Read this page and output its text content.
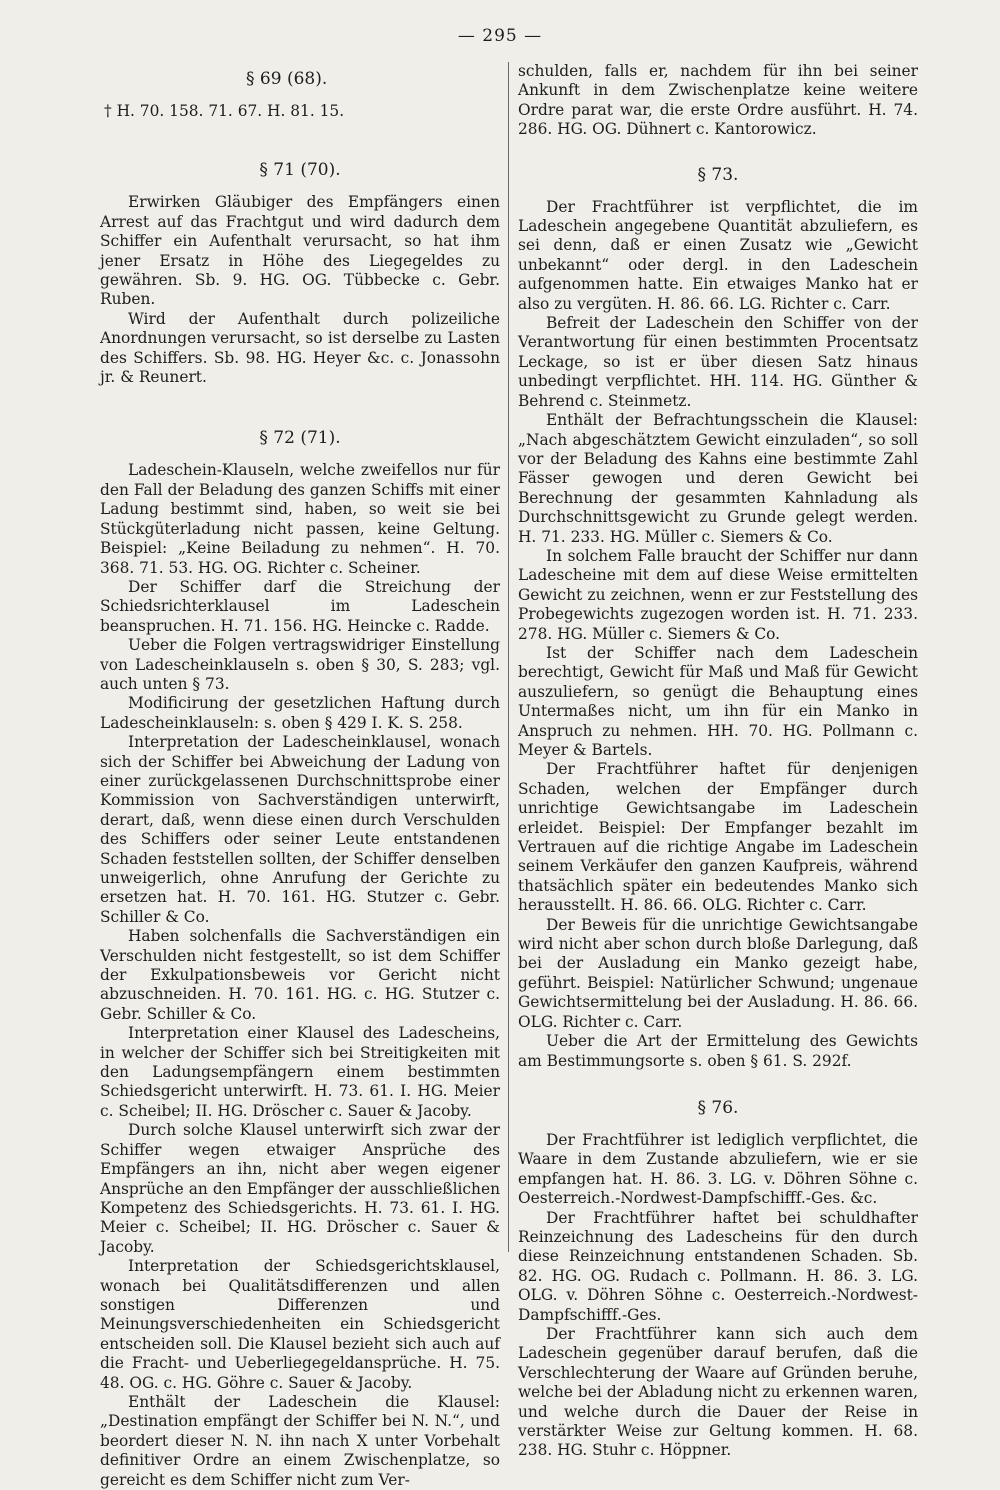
— 295 —
§ 69 (68).

† H. 70. 158. 71. 67. H. 81. 15.

§ 71 (70).

Erwirken Gläubiger des Empfängers einen Arrest auf das Frachtgut und wird dadurch dem Schiffer ein Aufenthalt verursacht, so hat ihm jener Ersatz in Höhe des Liegegeldes zu gewähren. Sb. 9. HG. OG. Tübbecke c. Gebr. Ruben.

Wird der Aufenthalt durch polizeiliche Anordnungen verursacht, so ist derselbe zu Lasten des Schiffers. Sb. 98. HG. Heyer &c. c. Jonassohn jr. & Reunert.

§ 72 (71).

Ladeschein-Klauseln, welche zweifellos nur für den Fall der Beladung des ganzen Schiffs mit einer Ladung bestimmt sind, haben, so weit sie bei Stückgüterladung nicht passen, keine Geltung. Beispiel: „Keine Beiladung zu nehmen“. H. 70. 368. 71. 53. HG. OG. Richter c. Scheiner.

Der Schiffer darf die Streichung der Schiedsrichterklausel im Ladeschein beanspruchen. H. 71. 156. HG. Heincke c. Radde.

Ueber die Folgen vertragswidriger Einstellung von Ladescheinklauseln s. oben § 30, S. 283; vgl. auch unten § 73.

Modificirung der gesetzlichen Haftung durch Ladescheinklauseln: s. oben § 429 I. K. S. 258.

Interpretation der Ladescheinklausel, wonach sich der Schiffer bei Abweichung der Ladung von einer zurückgelassenen Durchschnittsprobe einer Kommission von Sachverständigen unterwirft, derart, daß, wenn diese einen durch Verschulden des Schiffers oder seiner Leute entstandenen Schaden feststellen sollten, der Schiffer denselben unweigerlich, ohne Anrufung der Gerichte zu ersetzen hat. H. 70. 161. HG. Stutzer c. Gebr. Schiller & Co.

Haben solchenfalls die Sachverständigen ein Verschulden nicht festgestellt, so ist dem Schiffer der Exkulpationsbeweis vor Gericht nicht abzuschneiden. H. 70. 161. HG. c. HG. Stutzer c. Gebr. Schiller & Co.

Interpretation einer Klausel des Ladescheins, in welcher der Schiffer sich bei Streitigkeiten mit den Ladungsempfängern einem bestimmten Schiedsgericht unterwirft. H. 73. 61. I. HG. Meier c. Scheibel; II. HG. Dröscher c. Sauer & Jacoby.

Durch solche Klausel unterwirft sich zwar der Schiffer wegen etwaiger Ansprüche des Empfängers an ihn, nicht aber wegen eigener Ansprüche an den Empfänger der ausschließlichen Kompetenz des Schiedsgerichts. H. 73. 61. I. HG. Meier c. Scheibel; II. HG. Dröscher c. Sauer & Jacoby.

Interpretation der Schiedsgerichtsklausel, wonach bei Qualitätsdifferenzen und allen sonstigen Differenzen und Meinungsverschiedenheiten ein Schiedsgericht entscheiden soll. Die Klausel bezieht sich auch auf die Fracht- und Ueberliegegeldansprüche. H. 75. 48. OG. c. HG. Göhre c. Sauer & Jacoby.

Enthält der Ladeschein die Klausel: „Destination empfängt der Schiffer bei N. N.“, und beordert dieser N. N. ihn nach X unter Vorbehalt definitiver Ordre an einem Zwischenplatze, so gereicht es dem Schiffer nicht zum Ver-

schulden, falls er, nachdem für ihn bei seiner Ankunft in dem Zwischenplatze keine weitere Ordre parat war, die erste Ordre ausführt. H. 74. 286. HG. OG. Dühnert c. Kantorowicz.

§ 73.

Der Frachtführer ist verpflichtet, die im Ladeschein angegebene Quantität abzuliefern, es sei denn, daß er einen Zusatz wie „Gewicht unbekannt“ oder dergl. in den Ladeschein aufgenommen hatte. Ein etwaiges Manko hat er also zu vergüten. H. 86. 66. LG. Richter c. Carr.

Befreit der Ladeschein den Schiffer von der Verantwortung für einen bestimmten Procentsatz Leckage, so ist er über diesen Satz hinaus unbedingt verpflichtet. HH. 114. HG. Günther & Behrend c. Steinmetz.

Enthält der Befrachtungsschein die Klausel: „Nach abgeschätztem Gewicht einzuladen“, so soll vor der Beladung des Kahns eine bestimmte Zahl Fässer gewogen und deren Gewicht bei Berechnung der gesammten Kahnladung als Durchschnittsgewicht zu Grunde gelegt werden. H. 71. 233. HG. Müller c. Siemers & Co.

In solchem Falle braucht der Schiffer nur dann Ladescheine mit dem auf diese Weise ermittelten Gewicht zu zeichnen, wenn er zur Feststellung des Probegewichts zugezogen worden ist. H. 71. 233. 278. HG. Müller c. Siemers & Co.

Ist der Schiffer nach dem Ladeschein berechtigt, Gewicht für Maß und Maß für Gewicht auszuliefern, so genügt die Behauptung eines Untermaßes nicht, um ihn für ein Manko in Anspruch zu nehmen. HH. 70. HG. Pollmann c. Meyer & Bartels.

Der Frachtführer haftet für denjenigen Schaden, welchen der Empfänger durch unrichtige Gewichtsangabe im Ladeschein erleidet. Beispiel: Der Empfanger bezahlt im Vertrauen auf die richtige Angabe im Ladeschein seinem Verkäufer den ganzen Kaufpreis, während thatsächlich später ein bedeutendes Manko sich herausstellt. H. 86. 66. OLG. Richter c. Carr.

Der Beweis für die unrichtige Gewichtsangabe wird nicht aber schon durch bloße Darlegung, daß bei der Ausladung ein Manko gezeigt habe, geführt. Beispiel: Natürlicher Schwund; ungenaue Gewichtsermittelung bei der Ausladung. H. 86. 66. OLG. Richter c. Carr.

Ueber die Art der Ermittelung des Gewichts am Bestimmungsorte s. oben § 61. S. 292f.

§ 76.

Der Frachtführer ist lediglich verpflichtet, die Waare in dem Zustande abzuliefern, wie er sie empfangen hat. H. 86. 3. LG. v. Döhren Söhne c. Oesterreich.-Nordwest-Dampfschifff.-Ges. &c.

Der Frachtführer haftet bei schuldhafter Reinzeichnung des Ladescheins für den durch diese Reinzeichnung entstandenen Schaden. Sb. 82. HG. OG. Rudach c. Pollmann. H. 86. 3. LG. OLG. v. Döhren Söhne c. Oesterreich.-Nordwest-Dampfschifff.-Ges.

Der Frachtführer kann sich auch dem Ladeschein gegenüber darauf berufen, daß die Verschlechterung der Waare auf Gründen beruhe, welche bei der Abladung nicht zu erkennen waren, und welche durch die Dauer der Reise in verstärkter Weise zur Geltung kommen. H. 68. 238. HG. Stuhr c. Höppner.
